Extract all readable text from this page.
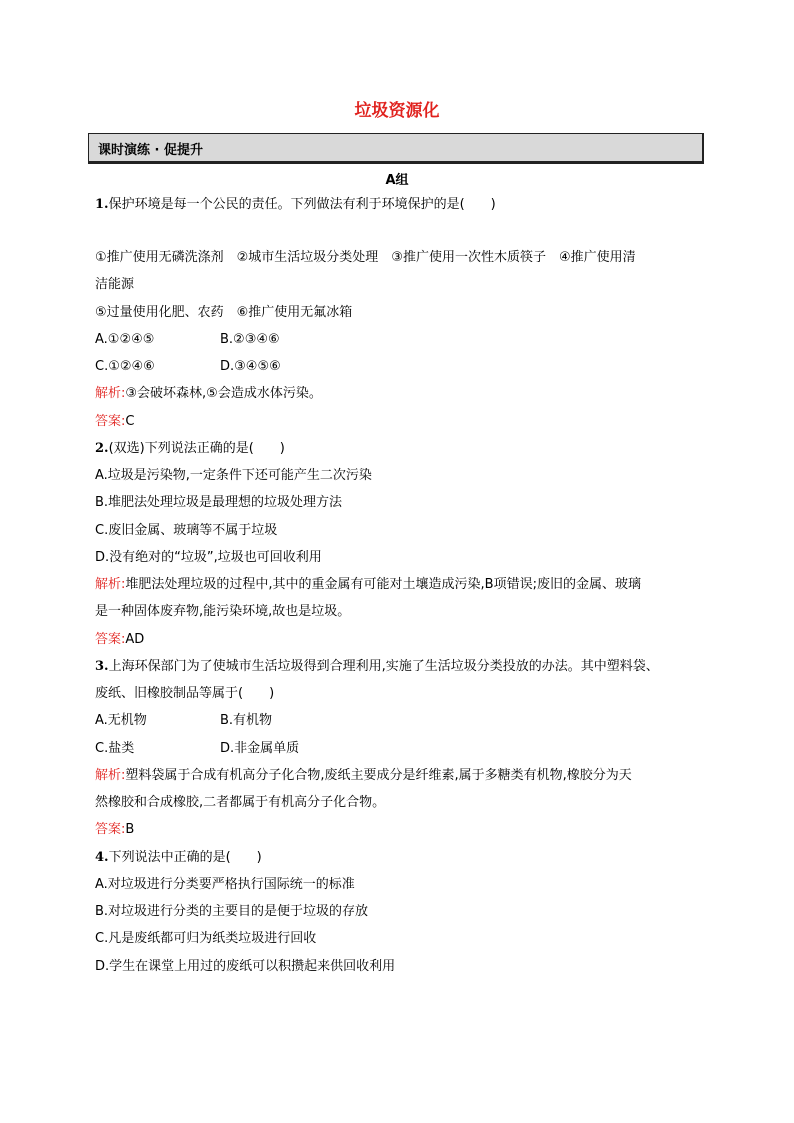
垃圾资源化
课时演练 · 促提升
A组
1.保护环境是每一个公民的责任。下列做法有利于环境保护的是(　　)
①推广使用无磷洗涤剂　②城市生活垃圾分类处理　③推广使用一次性木质筷子　④推广使用清
洁能源
⑤过量使用化肥、农药　⑥推广使用无氟冰箱
A.①②④⑤	B.②③④⑥
C.①②④⑥	D.③④⑤⑥
解析:③会破坏森林,⑤会造成水体污染。
答案:C
2.(双选)下列说法正确的是(　　)
A.垃圾是污染物,一定条件下还可能产生二次污染
B.堆肥法处理垃圾是最理想的垃圾处理方法
C.废旧金属、玻璃等不属于垃圾
D.没有绝对的“垃圾”,垃圾也可回收利用
解析:堆肥法处理垃圾的过程中,其中的重金属有可能对土壤造成污染,B项错误;废旧的金属、玻璃
是一种固体废弃物,能污染环境,故也是垃圾。
答案:AD
3.上海环保部门为了使城市生活垃圾得到合理利用,实施了生活垃圾分类投放的办法。其中塑料袋、
废纸、旧橡胶制品等属于(　　)
A.无机物	B.有机物
C.盐类	D.非金属单质
解析:塑料袋属于合成有机高分子化合物,废纸主要成分是纤维素,属于多糖类有机物,橡胶分为天
然橡胶和合成橡胶,二者都属于有机高分子化合物。
答案:B
4.下列说法中正确的是(　　)
A.对垃圾进行分类要严格执行国际统一的标准
B.对垃圾进行分类的主要目的是便于垃圾的存放
C.凡是废纸都可归为纸类垃圾进行回收
D.学生在课堂上用过的废纸可以积攒起来供回收利用
